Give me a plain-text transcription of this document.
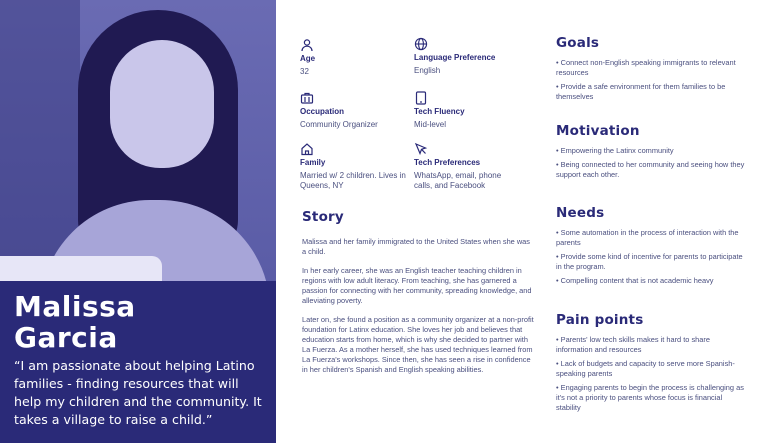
Malissa
Garcia
“I am passionate about helping Latino families - finding resources that will help my children and the community. It takes a village to raise a child.”
Age
32
Language Preference
English
Occupation
Community Organizer
Tech Fluency
Mid-level
Family
Married w/ 2 children. Lives in Queens, NY
Tech Preferences
WhatsApp, email, phone calls, and Facebook
Story

Malissa and her family immigrated to the United States when she was a child.

In her early career, she was an English teacher teaching children in regions with low adult literacy. From teaching, she has garnered a passion for connecting with her community, spreading knowledge, and alleviating poverty.

Later on, she found a position as a community organizer at a non-profit foundation for Latinx education. She loves her job and believes that education starts from home, which is why she decided to partner with La Fuerza. As a mother herself, she has used techniques learned from La Fuerza's workshops. Since then, she has seen a rise in confidence in her children's Spanish and English speaking abilities.

Goals
• Connect non-English speaking immigrants to relevant resources
• Provide a safe environment for them families to be themselves
Motivation
• Empowering the Latinx community
• Being connected to her community and seeing how they support each other.
Needs
• Some automation in the process of interaction with the parents
• Provide some kind of incentive for parents to participate in the program.
• Compelling content that is not academic heavy
Pain points
• Parents' low tech skills makes it hard to share information and resources
• Lack of budgets and capacity to serve more Spanish-speaking parents
• Engaging parents to begin the process is challenging as it's not a priority to parents whose focus is financial stability
